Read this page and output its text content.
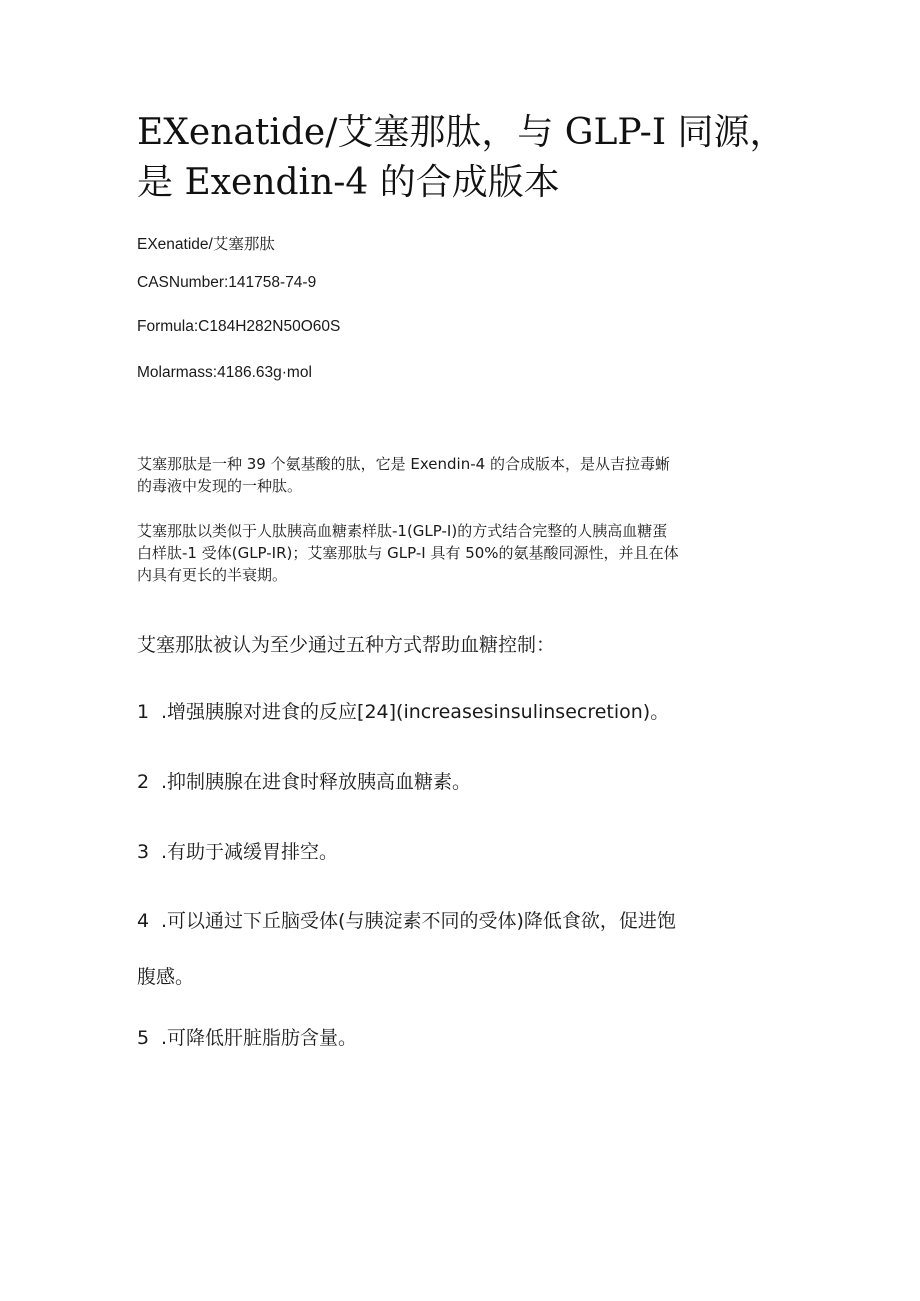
EXenatide/艾塞那肽，与 GLP-I 同源，
是 Exendin-4 的合成版本

EXenatide/艾塞那肽

CASNumber:141758-74-9

Formula:C184H282N50O60S

Molarmass:4186.63g·mol

艾塞那肽是一种 39 个氨基酸的肽，它是 Exendin-4 的合成版本，是从吉拉毒蜥
的毒液中发现的一种肽。
艾塞那肽以类似于人肽胰高血糖素样肽-1(GLP-I)的方式结合完整的人胰高血糖蛋
白样肽-1 受体(GLP-IR)；艾塞那肽与 GLP-I 具有 50%的氨基酸同源性，并且在体
内具有更长的半衰期。

艾塞那肽被认为至少通过五种方式帮助血糖控制：

1 .增强胰腺对进食的反应[24](increasesinsulinsecretion)。
2 .抑制胰腺在进食时释放胰高血糖素。
3 .有助于减缓胃排空。
4 .可以通过下丘脑受体(与胰淀素不同的受体)降低食欲，促进饱
腹感。
5 .可降低肝脏脂肪含量。
